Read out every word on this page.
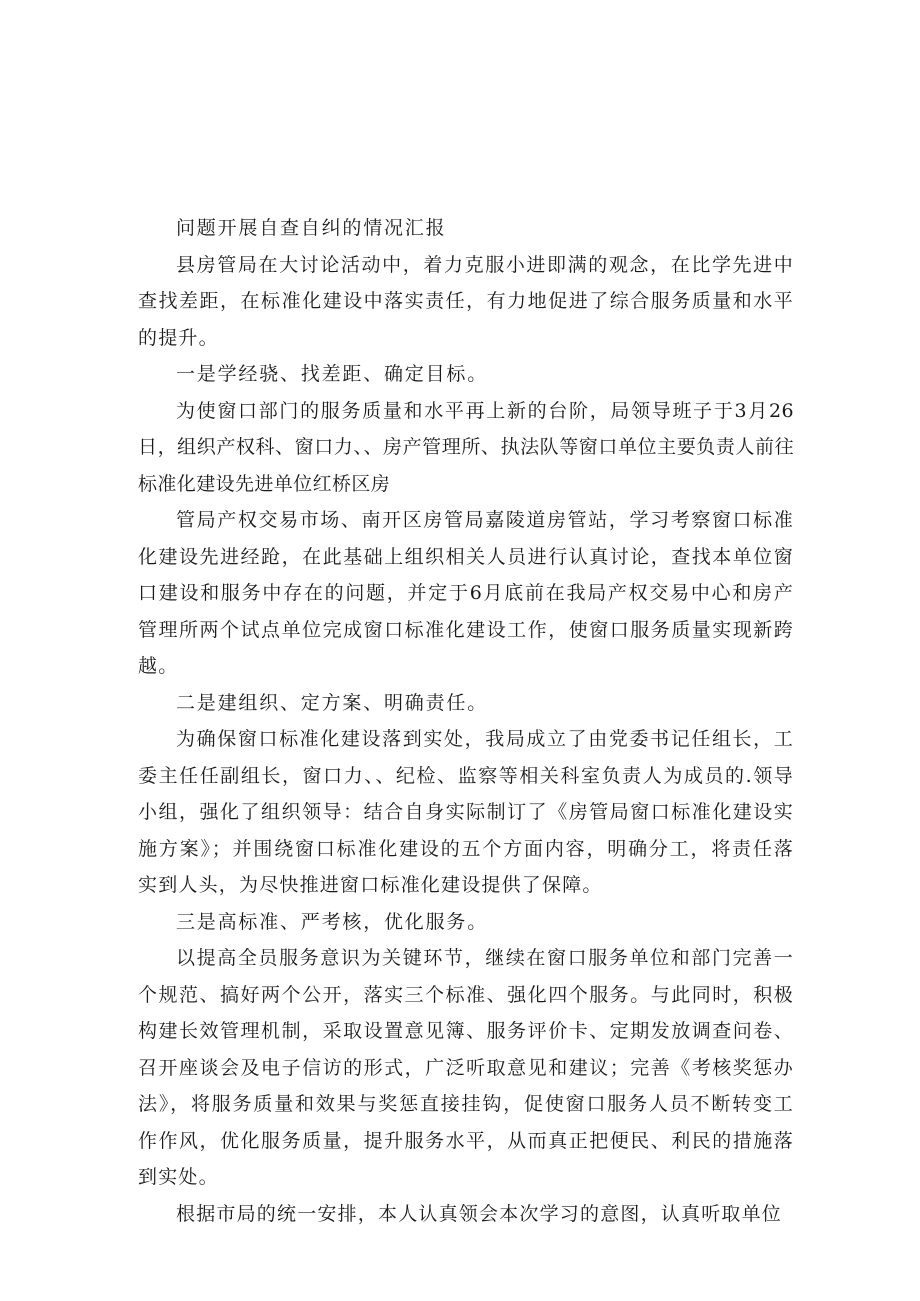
问题开展自查自纠的情况汇报

县房管局在大讨论活动中，着力克服小进即满的观念，在比学先进中查找差距，在标准化建设中落实责任，有力地促进了综合服务质量和水平的提升。

一是学经骁、找差距、确定目标。

为使窗口部门的服务质量和水平再上新的台阶，局领导班子于3月26日，组织产权科、窗口力、、房产管理所、执法队等窗口单位主要负责人前往标准化建设先进单位红桥区房

管局产权交易市场、南开区房管局嘉陵道房管站，学习考察窗口标准化建设先进经跄，在此基础上组织相关人员进行认真讨论，查找本单位窗口建设和服务中存在的问题，并定于6月底前在我局产权交易中心和房产管理所两个试点单位完成窗口标准化建设工作，使窗口服务质量实现新跨越。

二是建组织、定方案、明确责任。

为确保窗口标准化建设落到实处，我局成立了由党委书记任组长，工委主任任副组长，窗口力、、纪检、监察等相关科室负责人为成员的.领导小组，强化了组织领导：结合自身实际制订了《房管局窗口标准化建设实施方案》；并围绕窗口标准化建设的五个方面内容，明确分工，将责任落实到人头，为尽快推进窗口标准化建设提供了保障。

三是高标准、严考核，优化服务。

以提高全员服务意识为关键环节，继续在窗口服务单位和部门完善一个规范、搞好两个公开，落实三个标准、强化四个服务。与此同时，积极构建长效管理机制，采取设置意见簿、服务评价卡、定期发放调查问卷、召开座谈会及电子信访的形式，广泛听取意见和建议；完善《考核奖惩办法》，将服务质量和效果与奖惩直接挂钩，促使窗口服务人员不断转变工作作风，优化服务质量，提升服务水平，从而真正把便民、利民的措施落到实处。

根据市局的统一安排，本人认真领会本次学习的意图，认真听取单位
